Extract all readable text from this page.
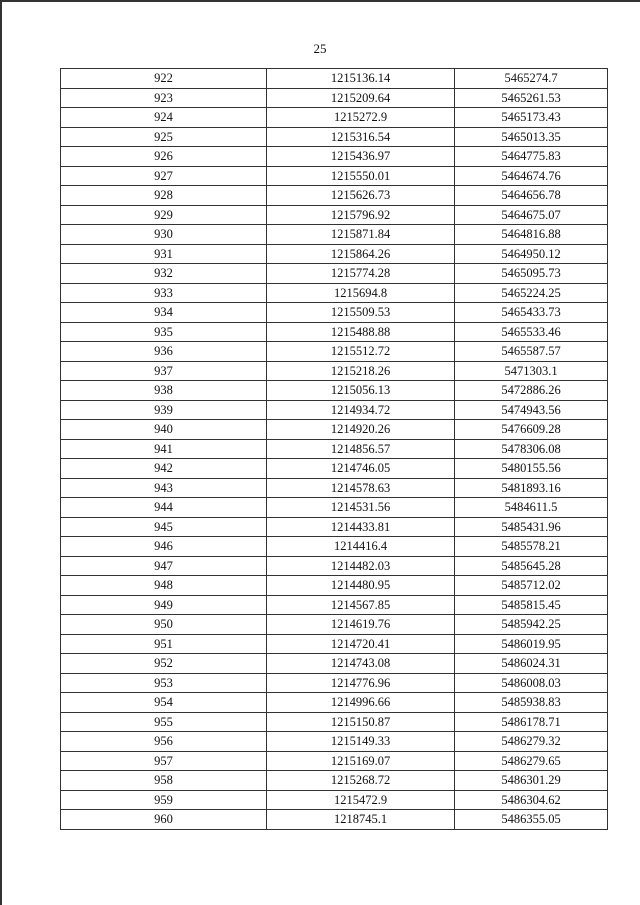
25
922	1215136.14	5465274.7
923	1215209.64	5465261.53
924	1215272.9	5465173.43
925	1215316.54	5465013.35
926	1215436.97	5464775.83
927	1215550.01	5464674.76
928	1215626.73	5464656.78
929	1215796.92	5464675.07
930	1215871.84	5464816.88
931	1215864.26	5464950.12
932	1215774.28	5465095.73
933	1215694.8	5465224.25
934	1215509.53	5465433.73
935	1215488.88	5465533.46
936	1215512.72	5465587.57
937	1215218.26	5471303.1
938	1215056.13	5472886.26
939	1214934.72	5474943.56
940	1214920.26	5476609.28
941	1214856.57	5478306.08
942	1214746.05	5480155.56
943	1214578.63	5481893.16
944	1214531.56	5484611.5
945	1214433.81	5485431.96
946	1214416.4	5485578.21
947	1214482.03	5485645.28
948	1214480.95	5485712.02
949	1214567.85	5485815.45
950	1214619.76	5485942.25
951	1214720.41	5486019.95
952	1214743.08	5486024.31
953	1214776.96	5486008.03
954	1214996.66	5485938.83
955	1215150.87	5486178.71
956	1215149.33	5486279.32
957	1215169.07	5486279.65
958	1215268.72	5486301.29
959	1215472.9	5486304.62
960	1218745.1	5486355.05
